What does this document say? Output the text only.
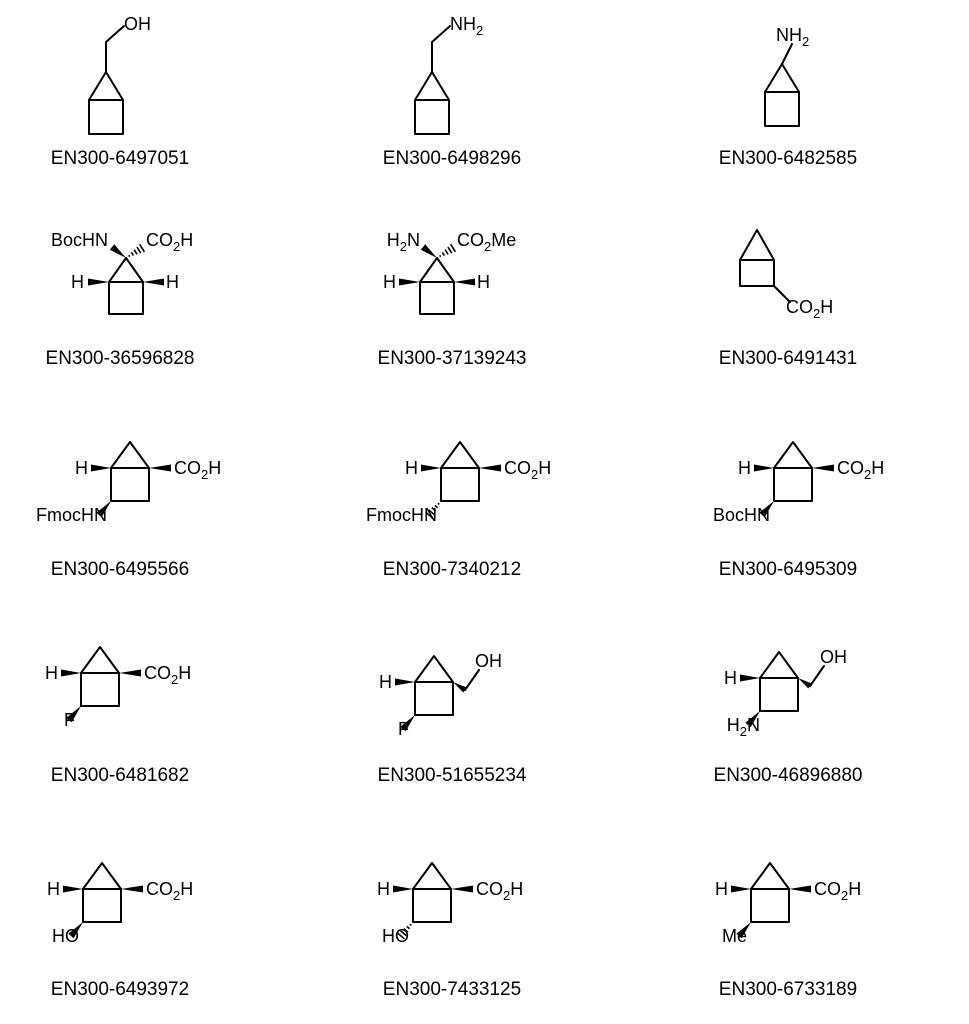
OH	$NH_2$	$NH_2$
BocHN $CO_2H$
H	H
$H_2N$ $CO_2Me$
H	H
$CO_2H$
H	$CO_2H$
FmocHN
H	$CO_2H$
FmocHN
H	$CO_2H$
BocHN
H	$CO_2H$
F
H
OH
F
H
OH
$H_2N$
H	$CO_2H$
HO
H	$CO_2H$
HO
H	$CO_2H$
Me
EN300-6497051	EN300-6498296	EN300-6482585
EN300-36596828	EN300-37139243	EN300-6491431
EN300-6495566	EN300-7340212	EN300-6495309
EN300-6481682	EN300-51655234	EN300-46896880
EN300-6493972	EN300-7433125	EN300-6733189
